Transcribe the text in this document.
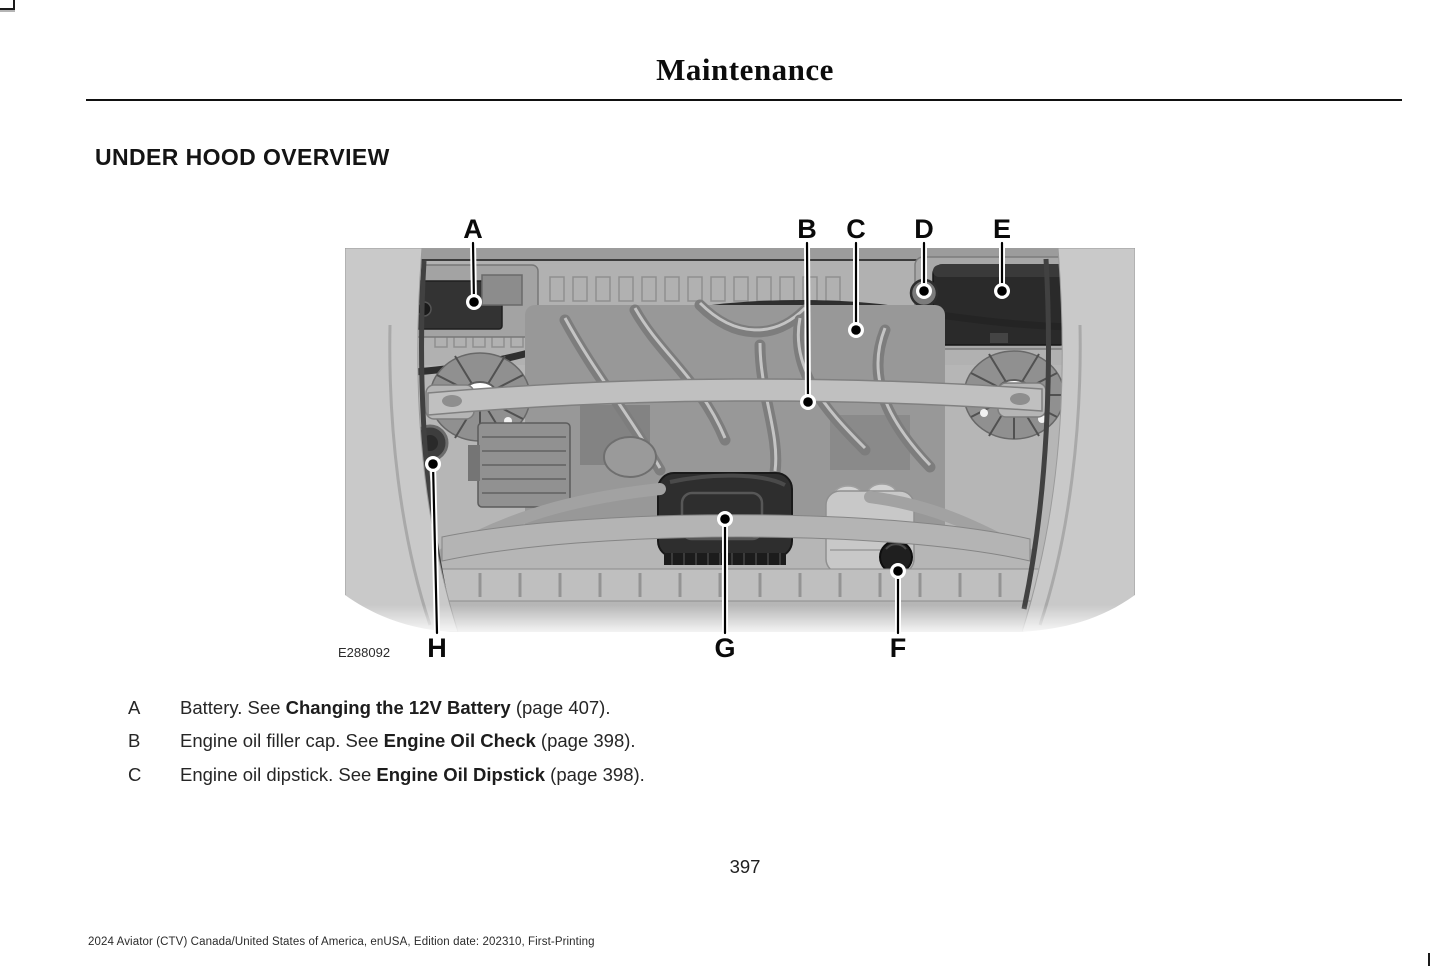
Maintenance
UNDER HOOD OVERVIEW
A	B C D E
F
G
H
E288092
A	Battery. See Changing the 12V Battery (page 407).
B	Engine oil filler cap. See Engine Oil Check (page 398).
C	Engine oil dipstick. See Engine Oil Dipstick (page 398).
397
2024 Aviator (CTV) Canada/United States of America, enUSA, Edition date: 202310, First-Printing
